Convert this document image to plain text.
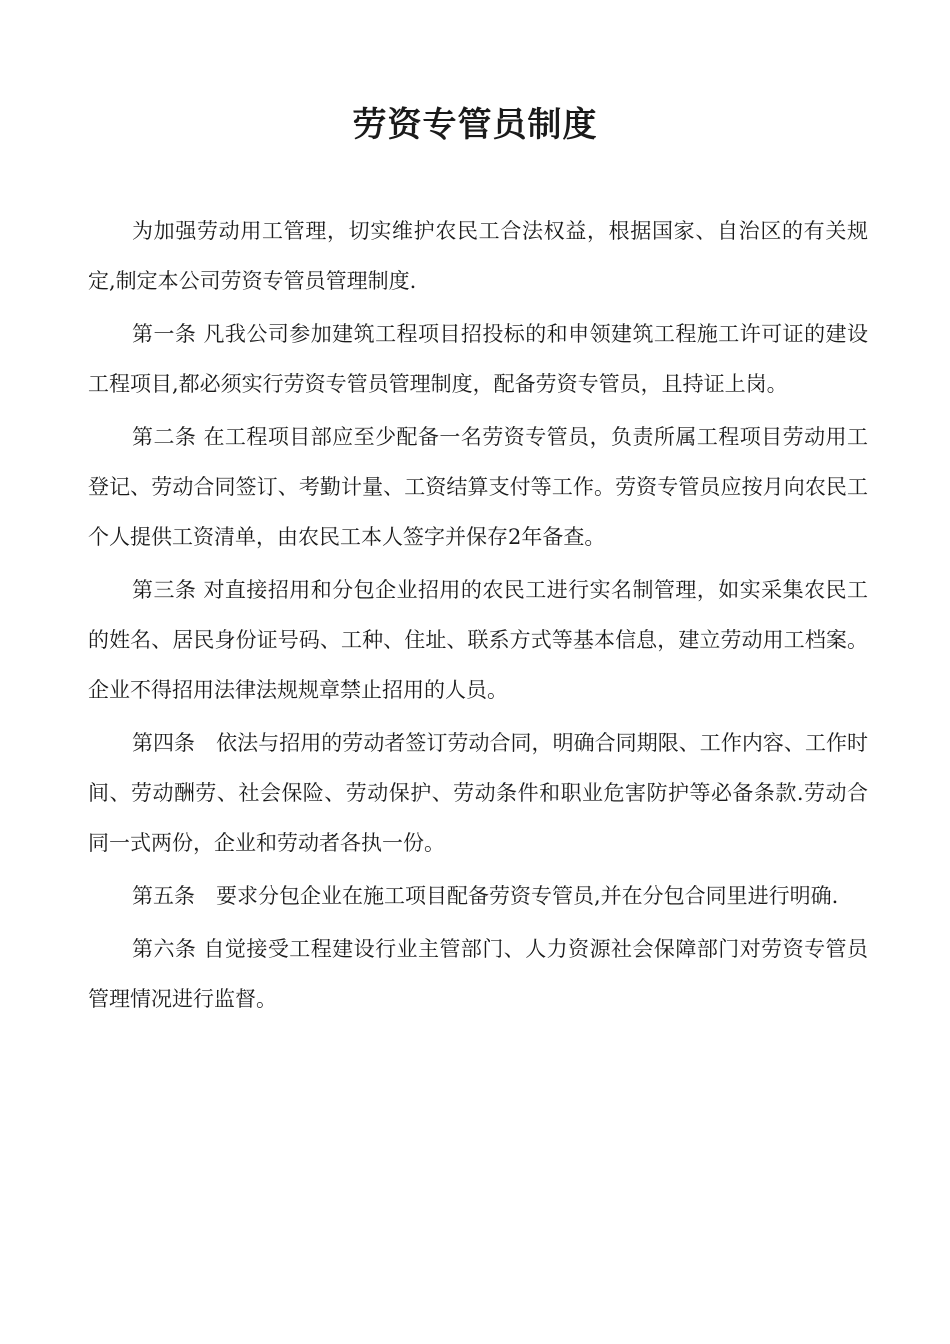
劳资专管员制度

为加强劳动用工管理，切实维护农民工合法权益，根据国家、自治区的有关规定,制定本公司劳资专管员管理制度.

第一条 凡我公司参加建筑工程项目招投标的和申领建筑工程施工许可证的建设工程项目,都必须实行劳资专管员管理制度，配备劳资专管员，且持证上岗。

第二条 在工程项目部应至少配备一名劳资专管员，负责所属工程项目劳动用工登记、劳动合同签订、考勤计量、工资结算支付等工作。劳资专管员应按月向农民工个人提供工资清单，由农民工本人签字并保存2年备查。

第三条 对直接招用和分包企业招用的农民工进行实名制管理，如实采集农民工的姓名、居民身份证号码、工种、住址、联系方式等基本信息，建立劳动用工档案。企业不得招用法律法规规章禁止招用的人员。

第四条　依法与招用的劳动者签订劳动合同，明确合同期限、工作内容、工作时间、劳动酬劳、社会保险、劳动保护、劳动条件和职业危害防护等必备条款.劳动合同一式两份，企业和劳动者各执一份。

第五条　要求分包企业在施工项目配备劳资专管员,并在分包合同里进行明确.

第六条 自觉接受工程建设行业主管部门、人力资源社会保障部门对劳资专管员管理情况进行监督。
